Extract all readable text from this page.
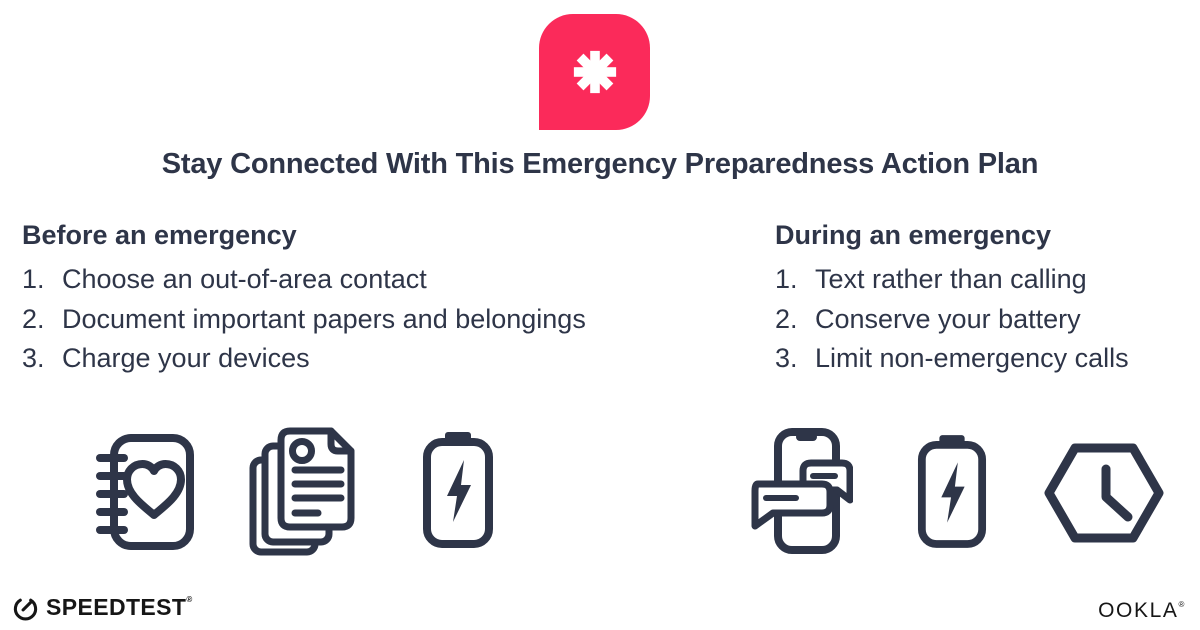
Stay Connected With This Emergency Preparedness Action Plan
Before an emergency
1. Choose an out-of-area contact
2. Document important papers and belongings
3. Charge your devices
During an emergency
1. Text rather than calling
2. Conserve your battery
3. Limit non-emergency calls
SPEEDTEST®	OOKLA®
